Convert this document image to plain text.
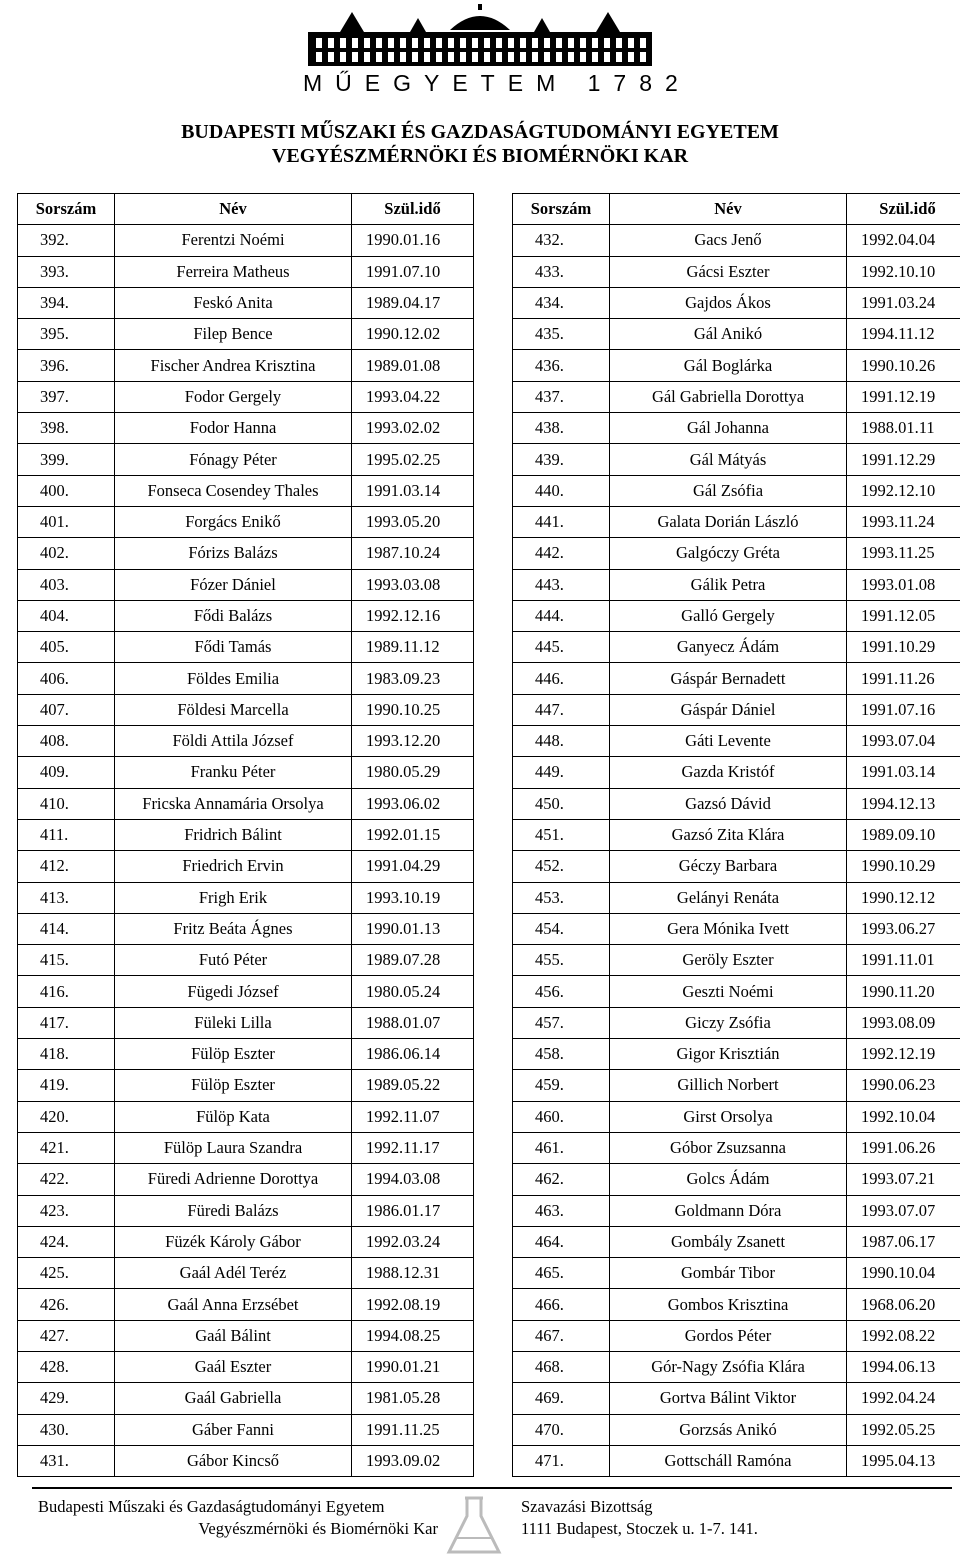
MŰEGYETEM 1782
BUDAPESTI MŰSZAKI ÉS GAZDASÁGTUDOMÁNYI EGYETEM
VEGYÉSZMÉRNÖKI ÉS BIOMÉRNÖKI KAR
Sorszám	Név	Szül.idő
392.	Ferentzi Noémi	1990.01.16
393.	Ferreira Matheus	1991.07.10
394.	Feskó Anita	1989.04.17
395.	Filep Bence	1990.12.02
396.	Fischer Andrea Krisztina	1989.01.08
397.	Fodor Gergely	1993.04.22
398.	Fodor Hanna	1993.02.02
399.	Fónagy Péter	1995.02.25
400.	Fonseca Cosendey Thales	1991.03.14
401.	Forgács Enikő	1993.05.20
402.	Fórizs Balázs	1987.10.24
403.	Fózer Dániel	1993.03.08
404.	Fődi Balázs	1992.12.16
405.	Fődi Tamás	1989.11.12
406.	Földes Emilia	1983.09.23
407.	Földesi Marcella	1990.10.25
408.	Földi Attila József	1993.12.20
409.	Franku Péter	1980.05.29
410.	Fricska Annamária Orsolya	1993.06.02
411.	Fridrich Bálint	1992.01.15
412.	Friedrich Ervin	1991.04.29
413.	Frigh Erik	1993.10.19
414.	Fritz Beáta Ágnes	1990.01.13
415.	Futó Péter	1989.07.28
416.	Fügedi József	1980.05.24
417.	Füleki Lilla	1988.01.07
418.	Fülöp Eszter	1986.06.14
419.	Fülöp Eszter	1989.05.22
420.	Fülöp Kata	1992.11.07
421.	Fülöp Laura Szandra	1992.11.17
422.	Füredi Adrienne Dorottya	1994.03.08
423.	Füredi Balázs	1986.01.17
424.	Füzék Károly Gábor	1992.03.24
425.	Gaál Adél Teréz	1988.12.31
426.	Gaál Anna Erzsébet	1992.08.19
427.	Gaál Bálint	1994.08.25
428.	Gaál Eszter	1990.01.21
429.	Gaál Gabriella	1981.05.28
430.	Gáber Fanni	1991.11.25
431.	Gábor Kincső	1993.09.02
Sorszám	Név	Szül.idő
432.	Gacs Jenő	1992.04.04
433.	Gácsi Eszter	1992.10.10
434.	Gajdos Ákos	1991.03.24
435.	Gál Anikó	1994.11.12
436.	Gál Boglárka	1990.10.26
437.	Gál Gabriella Dorottya	1991.12.19
438.	Gál Johanna	1988.01.11
439.	Gál Mátyás	1991.12.29
440.	Gál Zsófia	1992.12.10
441.	Galata Dorián László	1993.11.24
442.	Galgóczy Gréta	1993.11.25
443.	Gálik Petra	1993.01.08
444.	Galló Gergely	1991.12.05
445.	Ganyecz Ádám	1991.10.29
446.	Gáspár Bernadett	1991.11.26
447.	Gáspár Dániel	1991.07.16
448.	Gáti Levente	1993.07.04
449.	Gazda Kristóf	1991.03.14
450.	Gazsó Dávid	1994.12.13
451.	Gazsó Zita Klára	1989.09.10
452.	Géczy Barbara	1990.10.29
453.	Gelányi Renáta	1990.12.12
454.	Gera Mónika Ivett	1993.06.27
455.	Geröly Eszter	1991.11.01
456.	Geszti Noémi	1990.11.20
457.	Giczy Zsófia	1993.08.09
458.	Gigor Krisztián	1992.12.19
459.	Gillich Norbert	1990.06.23
460.	Girst Orsolya	1992.10.04
461.	Góbor Zsuzsanna	1991.06.26
462.	Golcs Ádám	1993.07.21
463.	Goldmann Dóra	1993.07.07
464.	Gombály Zsanett	1987.06.17
465.	Gombár Tibor	1990.10.04
466.	Gombos Krisztina	1968.06.20
467.	Gordos Péter	1992.08.22
468.	Gór-Nagy Zsófia Klára	1994.06.13
469.	Gortva Bálint Viktor	1992.04.24
470.	Gorzsás Anikó	1992.05.25
471.	Gottscháll Ramóna	1995.04.13
Budapesti Műszaki és Gazdaságtudományi Egyetem
Vegyészmérnöki és Biomérnöki Kar
Szavazási Bizottság
1111 Budapest, Stoczek u. 1-7. 141.
